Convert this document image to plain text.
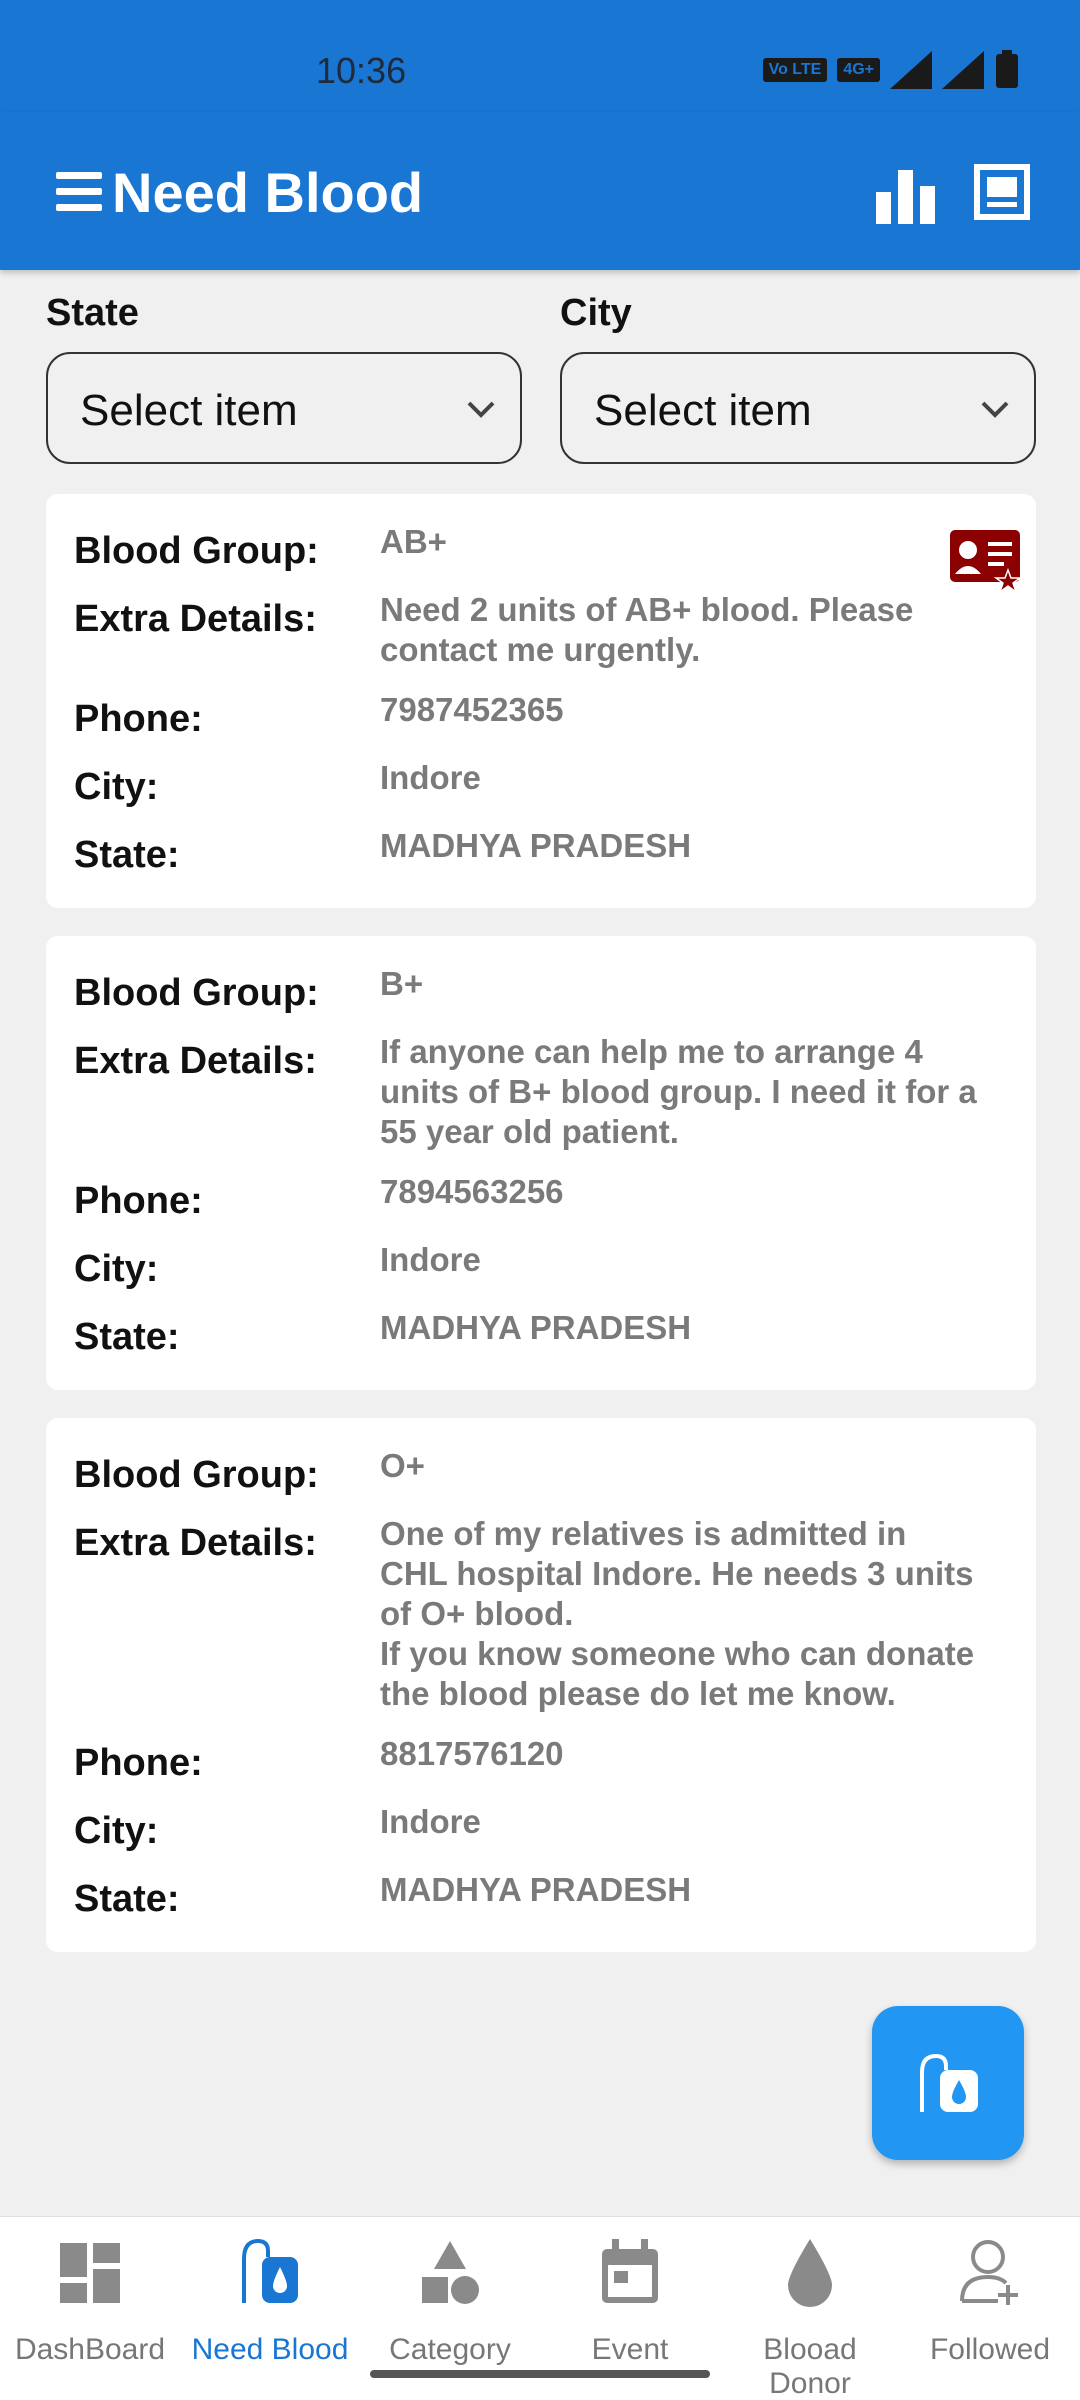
10:36	Vo LTE	4G+
Need Blood
State	City
Select item	Select item
Blood Group: AB+
Extra Details: Need 2 units of AB+ blood. Please contact me urgently.
Phone:	7987452365
City:	Indore
State:	MADHYA PRADESH
Blood Group: B+
Extra Details: If anyone can help me to arrange 4 units of B+ blood group. I need it for a 55 year old patient.
Phone:	7894563256
City:	Indore
State:	MADHYA PRADESH
Blood Group: O+
Extra Details: One of my relatives is admitted in CHL hospital Indore. He needs 3 units of O+ blood.
If you know someone who can donate the blood please do let me know.
Phone:	8817576120
City:	Indore
State:	MADHYA PRADESH
DashBoard Need Blood	Category	Event	Blooad Donor
Followed
